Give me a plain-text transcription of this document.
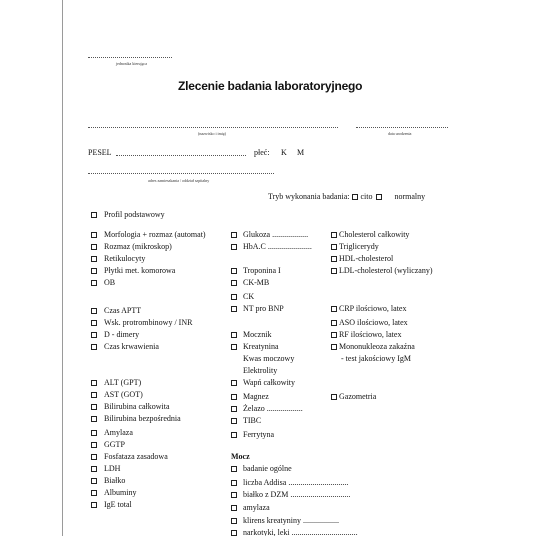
jednostka kierująca
Zlecenie badania laboratoryjnego
(nazwisko i imię)	data urodzenia
PESEL	płeć: K M
adres zamieszkania / oddział szpitalny
Tryb wykonania badania: cito	normalny
Profil podstawowy
Morfologia + rozmaz (automat)
Rozmaz (mikroskop)
Retikulocyty
Płytki met. komorowa
OB
Czas APTT
Wsk. protrombinowy / INR
D - dimery
Czas krwawienia
ALT (GPT)
AST (GOT)
Bilirubina całkowita
Bilirubina bezpośrednia
Amylaza
GGTP
Fosfataza zasadowa
LDH
Białko
Albuminy
IgE total
Glukoza ..................
HbA.C ......................
Troponina I
CK-MB
CK
NT pro BNP
Mocznik
Kreatynina
Kwas moczowy
Elektrolity
Wapń całkowity
Magnez
Żelazo ..................
TIBC
Ferrytyna
Cholesterol całkowity
Triglicerydy
HDL-cholesterol
LDL-cholesterol (wyliczany)
CRP ilościowo, latex
ASO ilościowo, latex
RF ilościowo, latex
Mononukleoza zakaźna
- test jakościowy IgM
Gazometria
Mocz
badanie ogólne
liczba Addisa ..............................
białko z DZM ..............................
amylaza
klirens kreatyniny ..................
narkotyki, leki .................................
